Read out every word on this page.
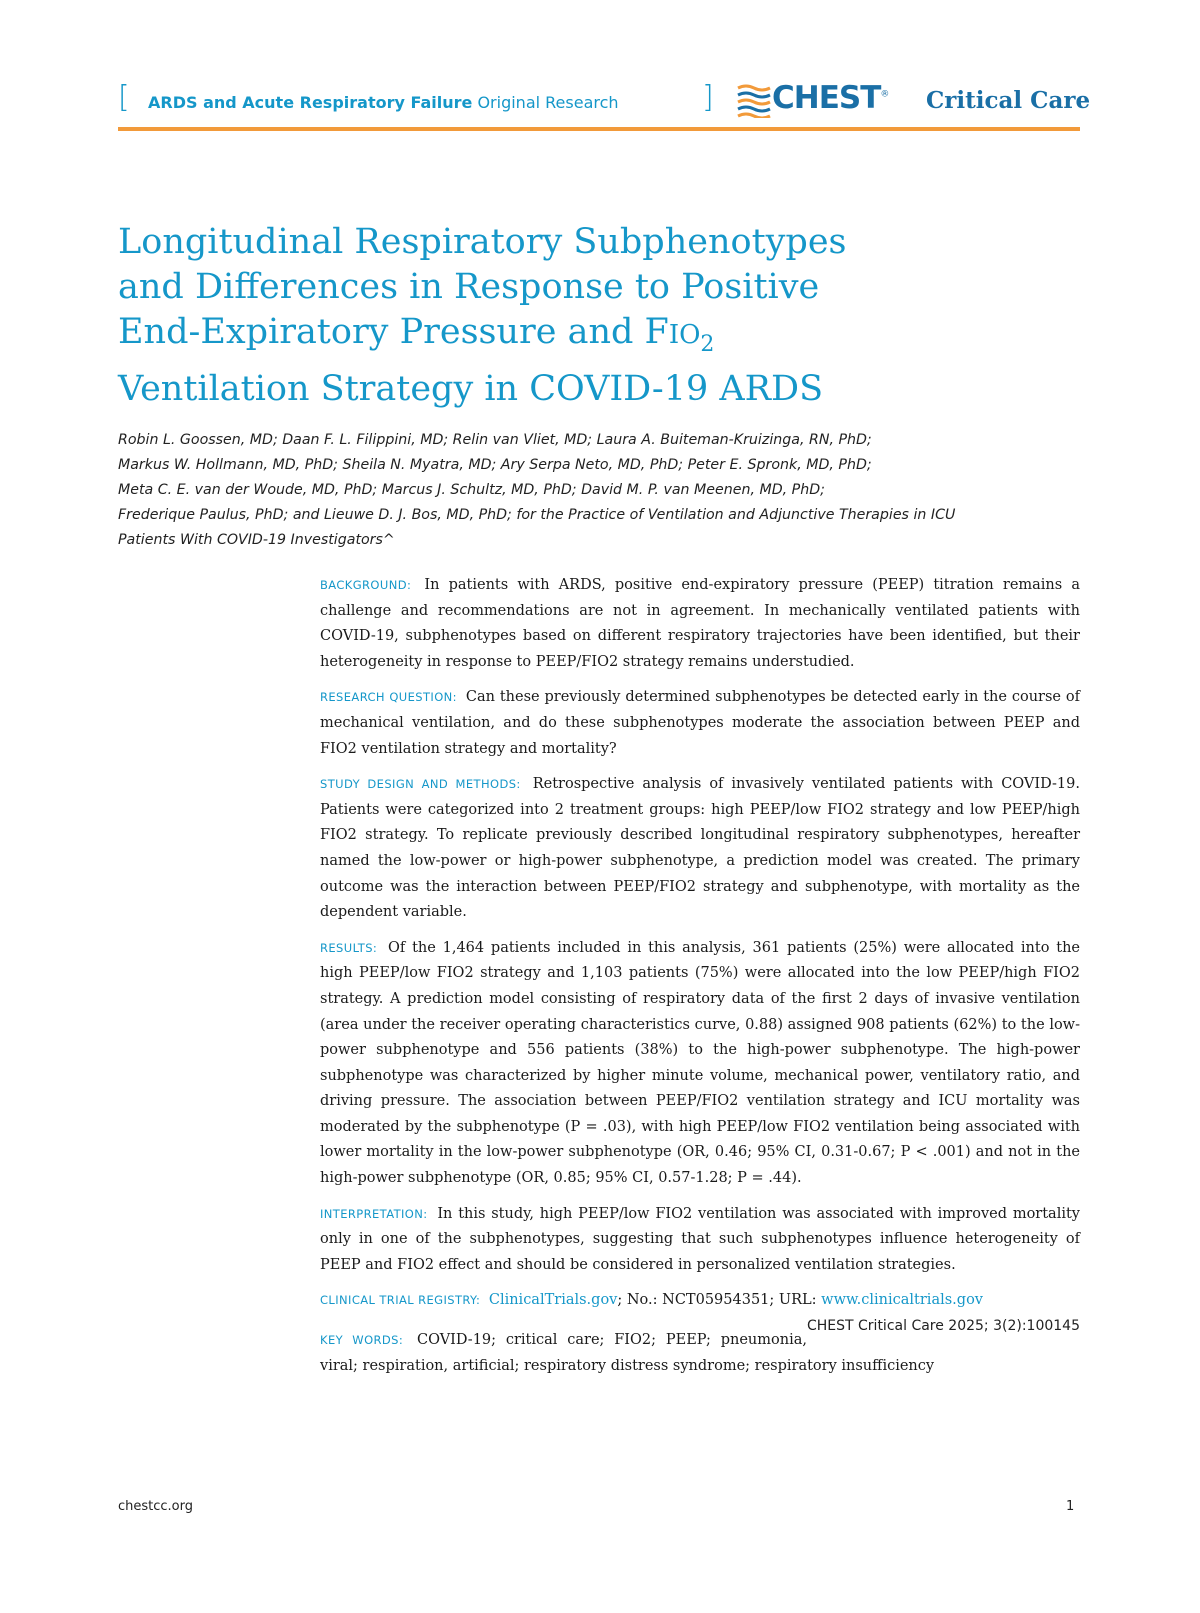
[ ARDS and Acute Respiratory Failure Original Research	] CHEST® Critical Care
Longitudinal Respiratory Subphenotypes
and Differences in Response to Positive
End-Expiratory Pressure and $FIO_2$
Ventilation Strategy in COVID-19 ARDS
Robin L. Goossen, MD; Daan F. L. Filippini, MD; Relin van Vliet, MD; Laura A. Buiteman-Kruizinga, RN, PhD;
Markus W. Hollmann, MD, PhD; Sheila N. Myatra, MD; Ary Serpa Neto, MD, PhD; Peter E. Spronk, MD, PhD;
Meta C. E. van der Woude, MD, PhD; Marcus J. Schultz, MD, PhD; David M. P. van Meenen, MD, PhD;
Frederique Paulus, PhD; and Lieuwe D. J. Bos, MD, PhD; for the Practice of Ventilation and Adjunctive Therapies in ICU
Patients With COVID-19 Investigators^

BACKGROUND: In patients with ARDS, positive end-expiratory pressure (PEEP) titration remains a challenge and recommendations are not in agreement. In mechanically ventilated patients with COVID-19, subphenotypes based on different respiratory trajectories have been identified, but their heterogeneity in response to PEEP/FIO2 strategy remains understudied.

RESEARCH QUESTION: Can these previously determined subphenotypes be detected early in the course of mechanical ventilation, and do these subphenotypes moderate the association between PEEP and FIO2 ventilation strategy and mortality?

STUDY DESIGN AND METHODS: Retrospective analysis of invasively ventilated patients with COVID-19. Patients were categorized into 2 treatment groups: high PEEP/low FIO2 strategy and low PEEP/high FIO2 strategy. To replicate previously described longitudinal respiratory subphenotypes, hereafter named the low-power or high-power subphenotype, a prediction model was created. The primary outcome was the interaction between PEEP/FIO2 strategy and subphenotype, with mortality as the dependent variable.

RESULTS: Of the 1,464 patients included in this analysis, 361 patients (25%) were allocated into the high PEEP/low FIO2 strategy and 1,103 patients (75%) were allocated into the low PEEP/high FIO2 strategy. A prediction model consisting of respiratory data of the first 2 days of invasive ventilation (area under the receiver operating characteristics curve, 0.88) assigned 908 patients (62%) to the low-power subphenotype and 556 patients (38%) to the high-power subphenotype. The high-power subphenotype was characterized by higher minute volume, mechanical power, ventilatory ratio, and driving pressure. The association between PEEP/FIO2 ventilation strategy and ICU mortality was moderated by the subphenotype (P = .03), with high PEEP/low FIO2 ventilation being associated with lower mortality in the low-power subphenotype (OR, 0.46; 95% CI, 0.31-0.67; P < .001) and not in the high-power subphenotype (OR, 0.85; 95% CI, 0.57-1.28; P = .44).

INTERPRETATION: In this study, high PEEP/low FIO2 ventilation was associated with improved mortality only in one of the subphenotypes, suggesting that such subphenotypes influence heterogeneity of PEEP and FIO2 effect and should be considered in personalized ventilation strategies.

CLINICAL TRIAL REGISTRY: ClinicalTrials.gov; No.: NCT05954351; URL: www.clinicaltrials.gov
CHEST Critical Care 2025; 3(2):100145

KEY WORDS: COVID-19; critical care; FIO2; PEEP; pneumonia, viral; respiration, artificial; respiratory distress syndrome; respiratory insufficiency

chestcc.org	1
